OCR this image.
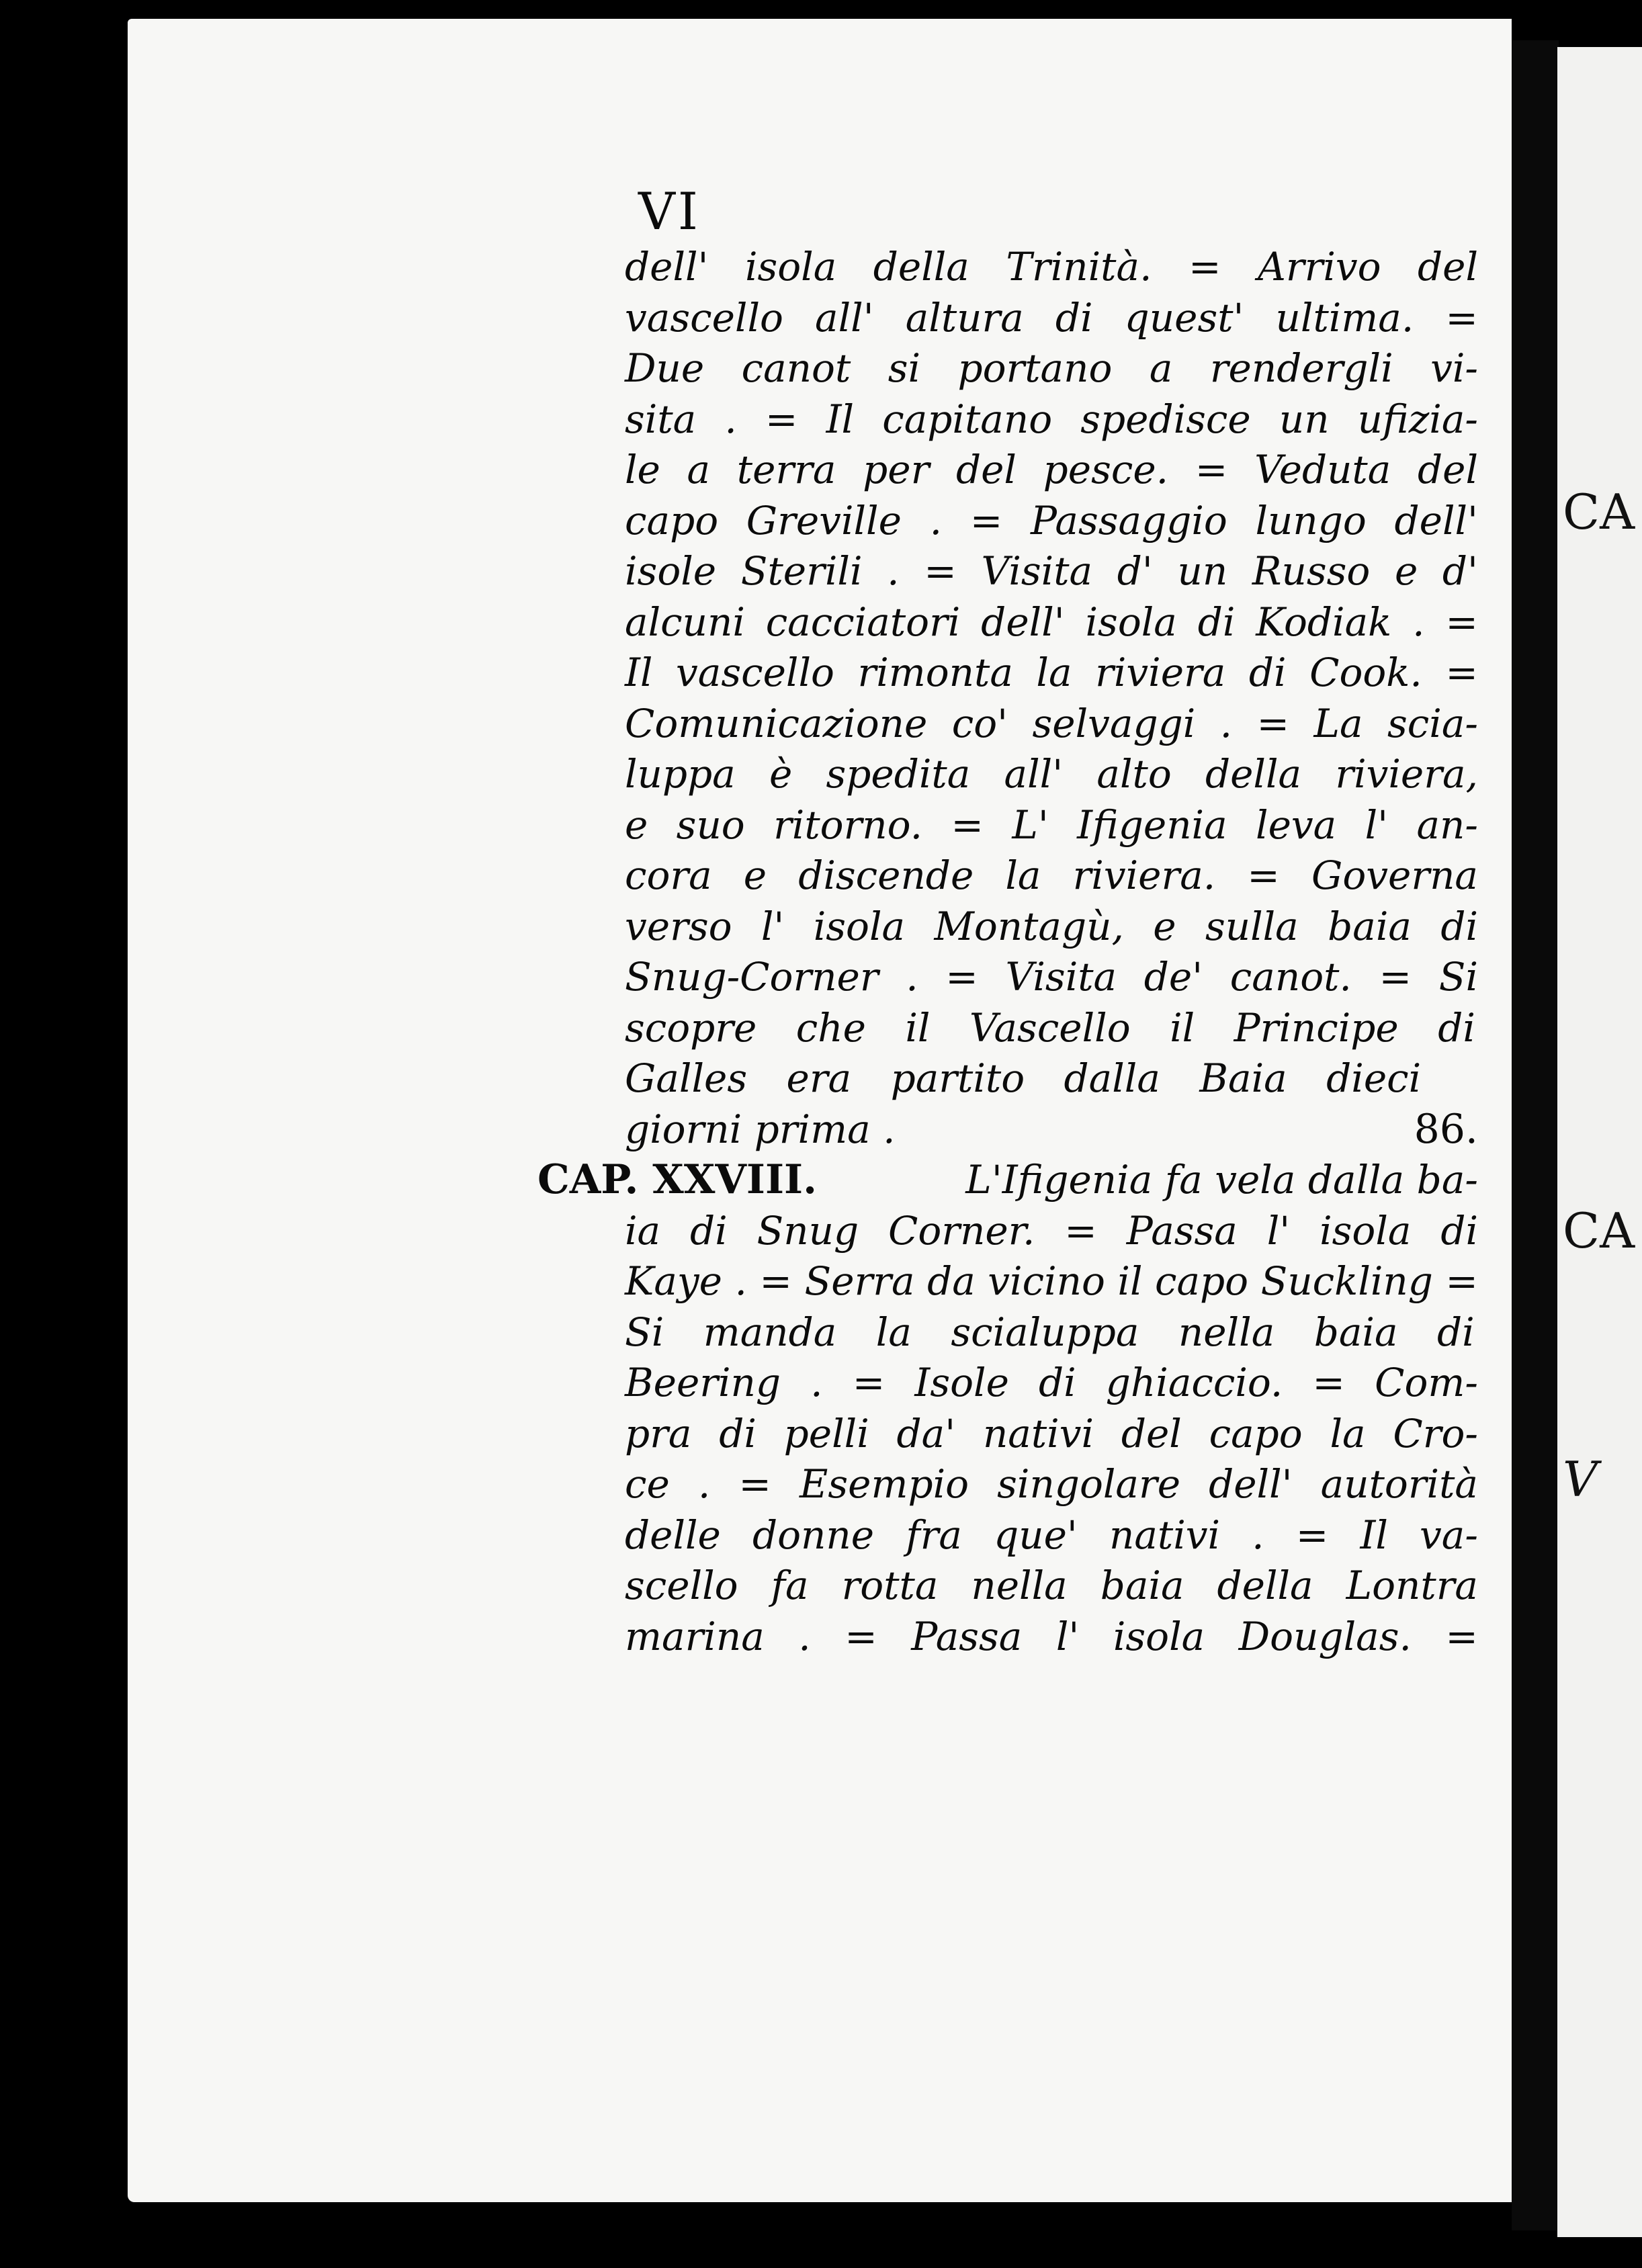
CA

CA

V

VI
dell' isola della Trinità. = Arrivo del
vascello all' altura di quest' ultima. =
Due canot si portano a rendergli vi-
sita . = Il capitano spedisce un ufizia-
le a terra per del pesce. = Veduta del
capo Greville . = Passaggio lungo dell'
isole Sterili . = Visita d' un Russo e d'
alcuni cacciatori dell' isola di Kodiak . =
Il vascello rimonta la riviera di Cook. =
Comunicazione co' selvaggi . = La scia-
luppa è spedita all' alto della riviera,
e suo ritorno. = L' Ifigenia leva l' an-
cora e discende la riviera. = Governa
verso l' isola Montagù, e sulla baia di
Snug-Corner . = Visita de' canot. = Si
scopre che il Vascello il Principe di
Galles era partito dalla Baia dieci
giorni prima .	86.
CAP. XXVIII.	L'Ifigenia fa vela dalla ba-
ia di Snug Corner. = Passa l' isola di
Kaye . = Serra da vicino il capo Suckling =
Si manda la scialuppa nella baia di
Beering . = Isole di ghiaccio. = Com-
pra di pelli da' nativi del capo la Cro-
ce . = Esempio singolare dell' autorità
delle donne fra que' nativi . = Il va-
scello fa rotta nella baia della Lontra
marina . = Passa l' isola Douglas. =
